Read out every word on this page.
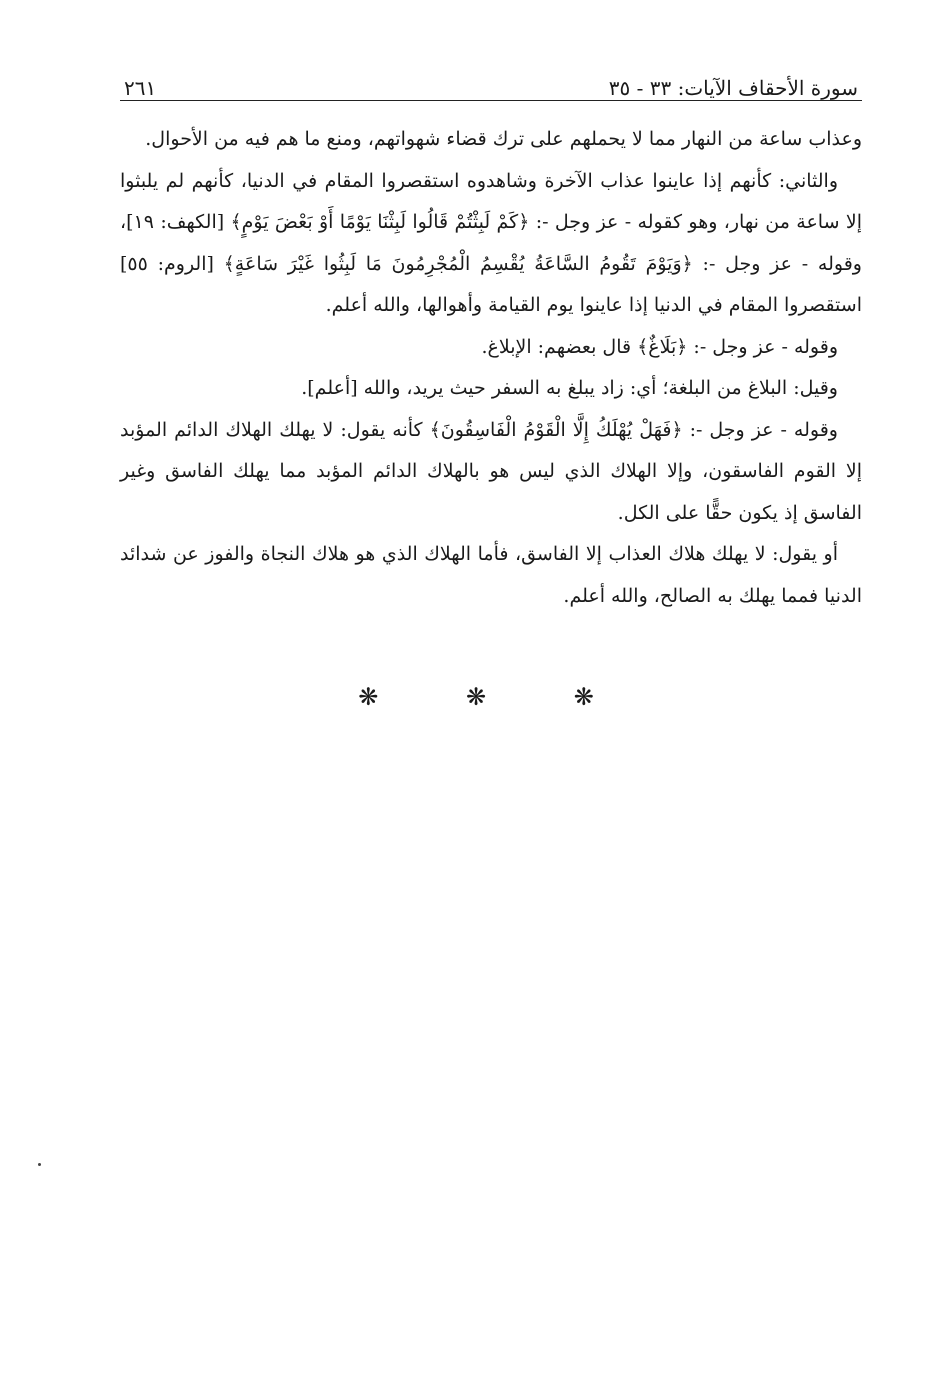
سورة الأحقاف الآيات: ٣٣ - ٣٥
٢٦١

وعذاب ساعة من النهار مما لا يحملهم على ترك قضاء شهواتهم، ومنع ما هم فيه من الأحوال.

والثاني: كأنهم إذا عاينوا عذاب الآخرة وشاهدوه استقصروا المقام في الدنيا، كأنهم لم يلبثوا إلا ساعة من نهار، وهو كقوله - عز وجل -: ﴿كَمْ لَبِثْتُمْ قَالُوا لَبِثْنَا يَوْمًا أَوْ بَعْضَ يَوْمٍ﴾ [الكهف: ١٩]، وقوله - عز وجل -: ﴿وَيَوْمَ تَقُومُ السَّاعَةُ يُقْسِمُ الْمُجْرِمُونَ مَا لَبِثُوا غَيْرَ سَاعَةٍ﴾ [الروم: ٥٥] استقصروا المقام في الدنيا إذا عاينوا يوم القيامة وأهوالها، والله أعلم.

وقوله - عز وجل -: ﴿بَلَاغٌ﴾ قال بعضهم: الإبلاغ.

وقيل: البلاغ من البلغة؛ أي: زاد يبلغ به السفر حيث يريد، والله [أعلم].

وقوله - عز وجل -: ﴿فَهَلْ يُهْلَكُ إِلَّا الْقَوْمُ الْفَاسِقُونَ﴾ كأنه يقول: لا يهلك الهلاك الدائم المؤبد إلا القوم الفاسقون، وإلا الهلاك الذي ليس هو بالهلاك الدائم المؤبد مما يهلك الفاسق وغير الفاسق إذ يكون حقًّا على الكل.

أو يقول: لا يهلك هلاك العذاب إلا الفاسق، فأما الهلاك الذي هو هلاك النجاة والفوز عن شدائد الدنيا فمما يهلك به الصالح، والله أعلم.

❋ ❋ ❋
